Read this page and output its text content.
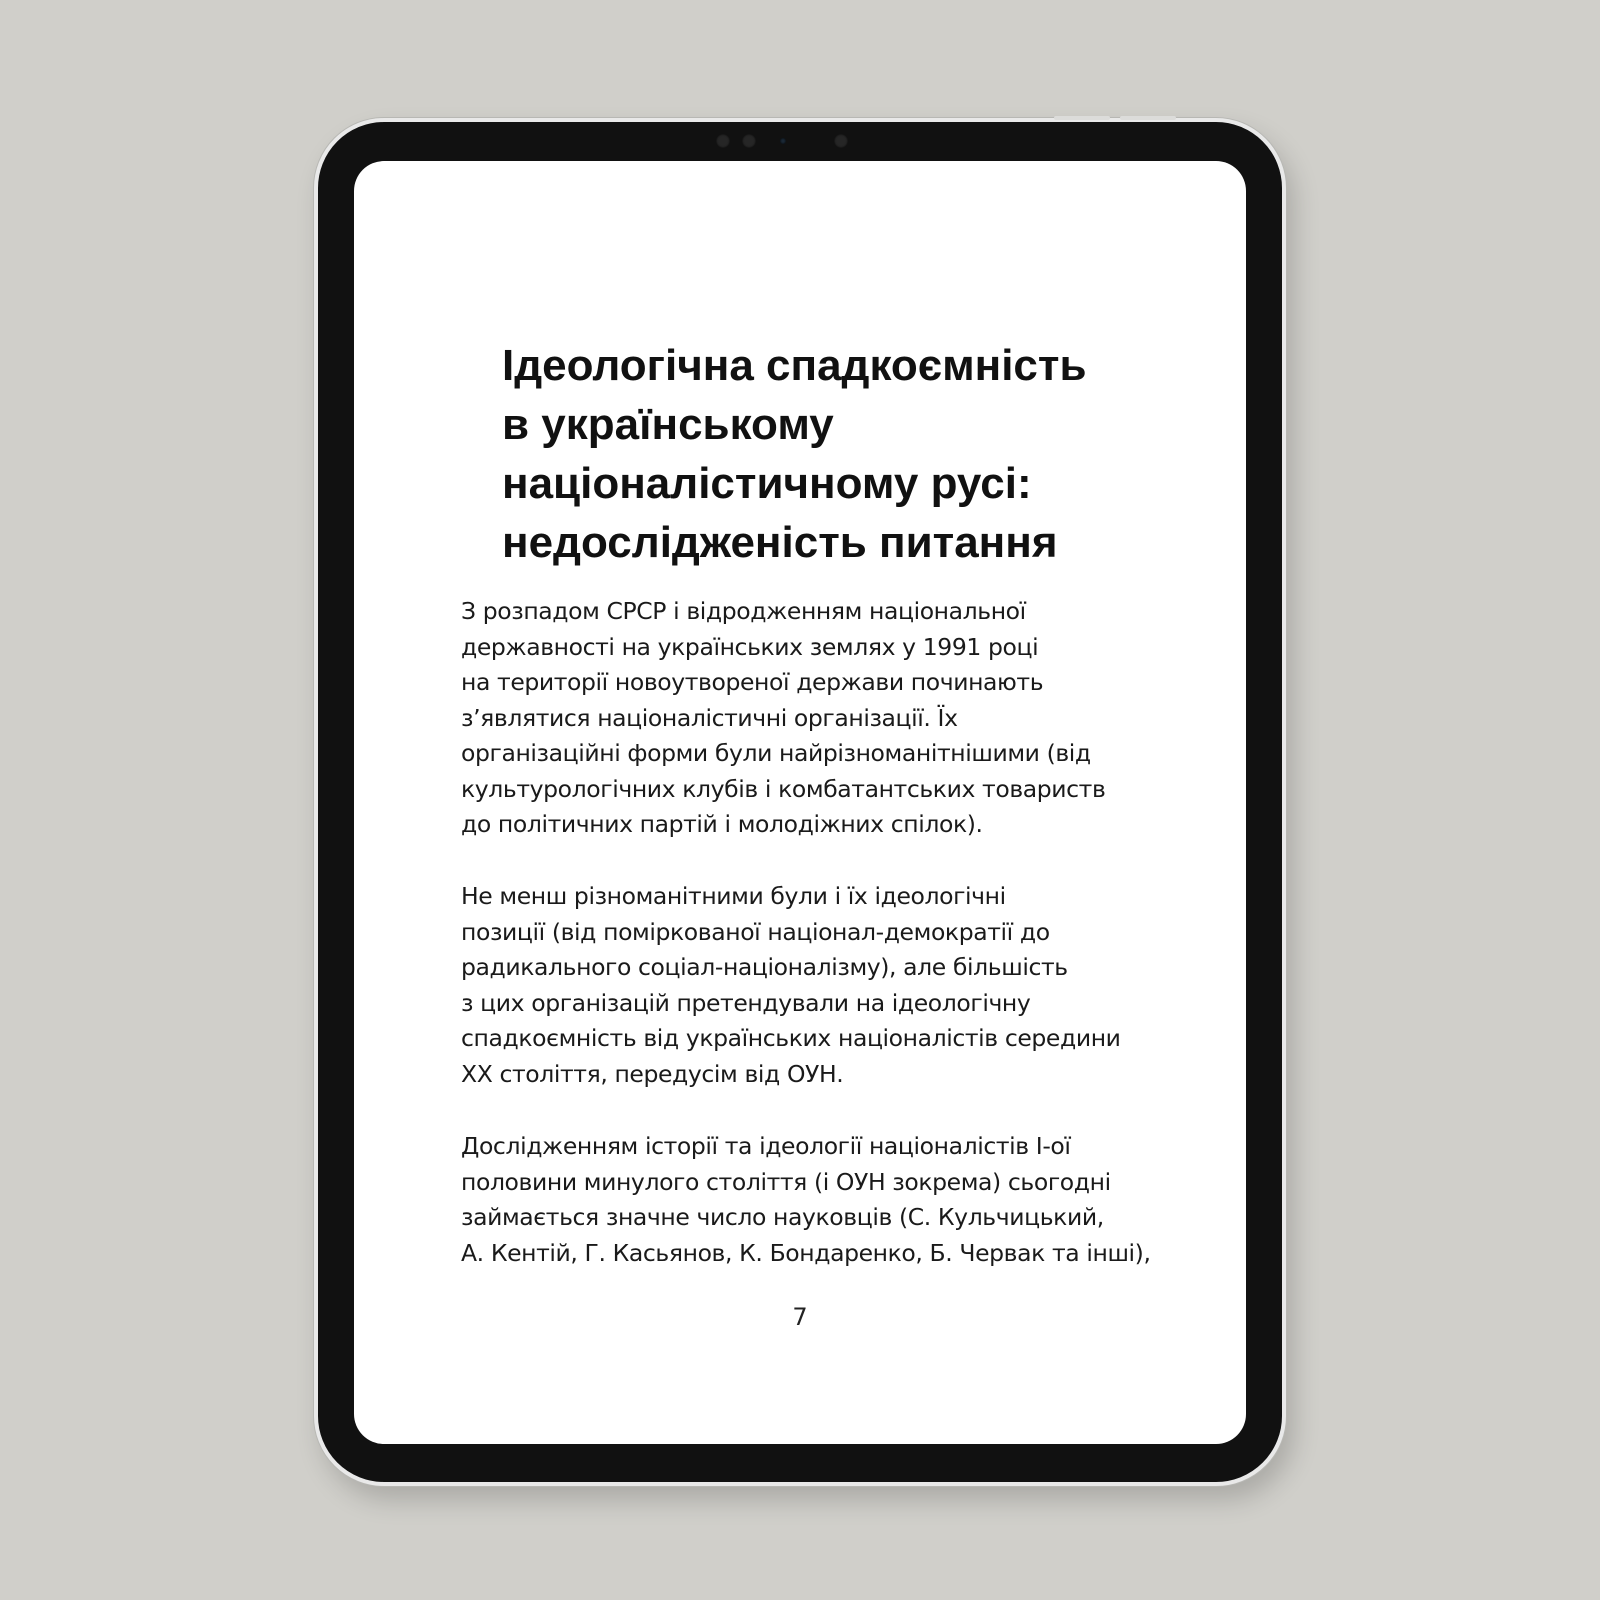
Ідеологічна спадкоємність
в українському
націоналістичному русі:
недослідженість питання

З розпадом СРСР і відродженням національної
державності на українських землях у 1991 році
на території новоутвореної держави починають
з’являтися націоналістичні організації. Їх
організаційні форми були найрізноманітнішими (від
культурологічних клубів і комбатантських товариств
до політичних партій і молодіжних спілок).

Не менш різноманітними були і їх ідеологічні
позиції (від поміркованої націонал-демократії до
радикального соціал-націоналізму), але більшість
з цих організацій претендували на ідеологічну
спадкоємність від українських націоналістів середини
XX століття, передусім від ОУН.

Дослідженням історії та ідеології націоналістів І-ої
половини минулого століття (і ОУН зокрема) сьогодні
займається значне число науковців (С. Кульчицький,
А. Кентій, Г. Касьянов, К. Бондаренко, Б. Червак та інші),

7
